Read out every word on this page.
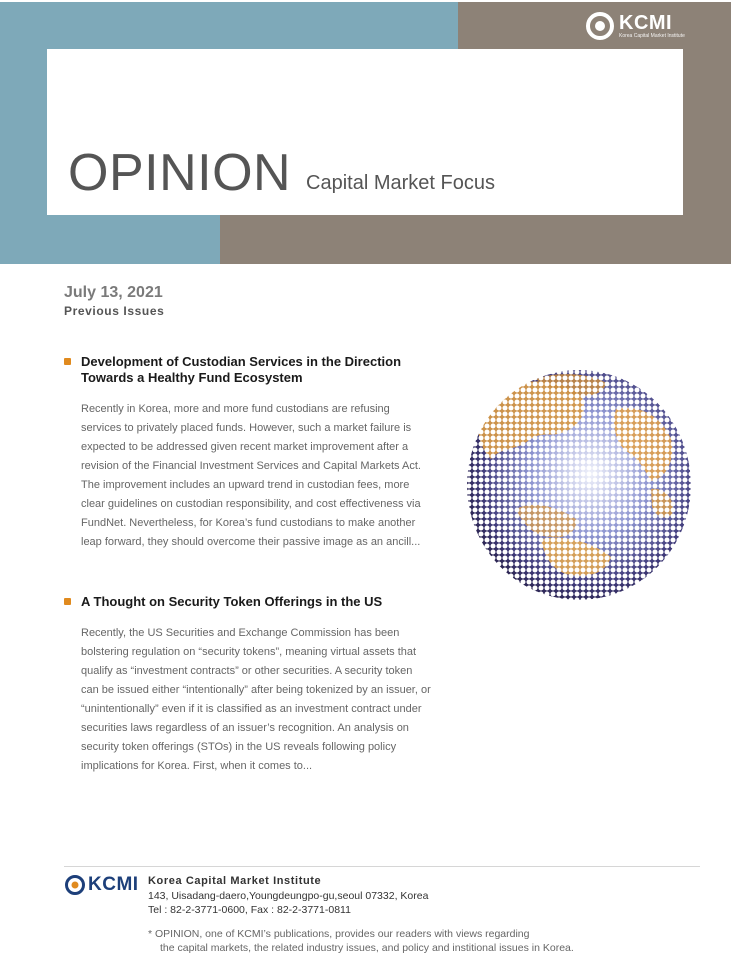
KCMI
Korea Capital Market Institute
OPINION Capital Market Focus
July 13, 2021
Previous Issues
Development of Custodian Services in the Direction Towards a Healthy Fund Ecosystem
Recently in Korea, more and more fund custodians are refusing services to privately placed funds. However, such a market failure is expected to be addressed given recent market improvement after a revision of the Financial Investment Services and Capital Markets Act. The improvement includes an upward trend in custodian fees, more clear guidelines on custodian responsibility, and cost effectiveness via FundNet. Nevertheless, for Korea’s fund custodians to make another leap forward, they should overcome their passive image as an ancill...
A Thought on Security Token Offerings in the US
Recently, the US Securities and Exchange Commission has been bolstering regulation on “security tokens”, meaning virtual assets that qualify as “investment contracts” or other securities. A security token can be issued either “intentionally” after being tokenized by an issuer, or “unintentionally” even if it is classified as an investment contract under securities laws regardless of an issuer’s recognition. An analysis on security token offerings (STOs) in the US reveals following policy implications for Korea. First, when it comes to...
KCMI Korea Capital Market Institute
143, Uisadang-daero,Youngdeungpo-gu,seoul 07332, Korea
Tel : 82-2-3771-0600, Fax : 82-2-3771-0811
* OPINION, one of KCMI’s publications, provides our readers with views regarding
the capital markets, the related industry issues, and policy and institional issues in Korea.
